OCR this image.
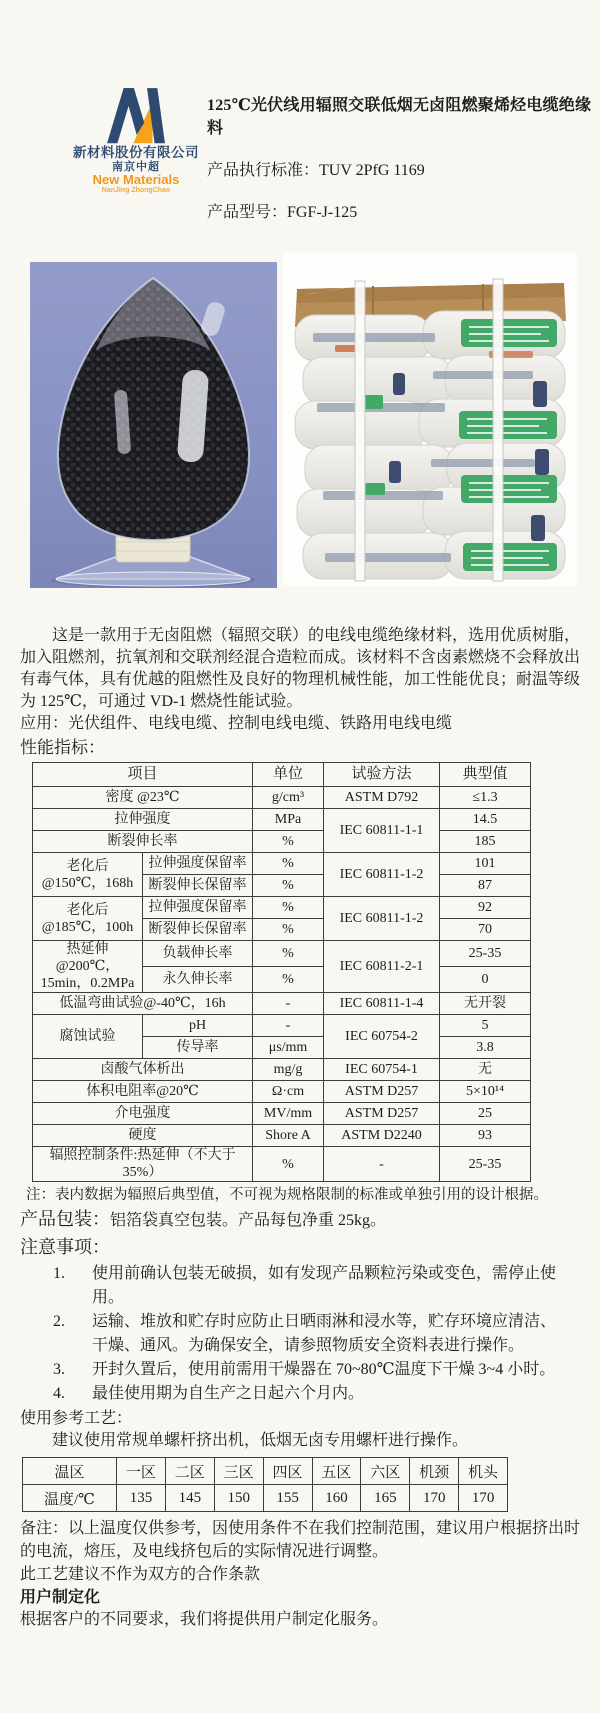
新材料股份有限公司
南京中超
New Materials
NanJing ZhongChao
125℃光伏线用辐照交联低烟无卤阻燃聚烯烃电缆绝缘料
产品执行标准：TUV 2PfG 1169
产品型号：FGF-J-125

这是一款用于无卤阻燃（辐照交联）的电线电缆绝缘材料，选用优质树脂，加入阻燃剂，抗氧剂和交联剂经混合造粒而成。该材料不含卤素燃烧不会释放出有毒气体，具有优越的阻燃性及良好的物理机械性能，加工性能优良；耐温等级为 125℃，可通过 VD-1 燃烧性能试验。

应用：光伏组件、电线电缆、控制电线电缆、铁路用电线电缆

性能指标：

项目		单位	试验方法	典型值
密度 @23℃		g/cm³	ASTM D792	≤1.3
拉伸强度		MPa	IEC 60811-1-1	14.5
断裂伸长率		%		185
老化后@150℃，168h	拉伸强度保留率	%	IEC 60811-1-2	101
	断裂伸长保留率	%		87
老化后@185℃，100h	拉伸强度保留率	%	IEC 60811-1-2	92
	断裂伸长保留率	%		70
热延伸@200℃，15min，0.2MPa	负载伸长率	%	IEC 60811-2-1	25-35
	永久伸长率	%		0
低温弯曲试验@-40℃，16h		-	IEC 60811-1-4	无开裂
腐蚀试验	pH	-	IEC 60754-2	5
	传导率	μs/mm		3.8
卤酸气体析出		mg/g	IEC 60754-1	无
体积电阻率@20℃		Ω·cm	ASTM D257	5×10¹⁴
介电强度		MV/mm	ASTM D257	25
硬度		Shore A	ASTM D2240	93
辐照控制条件:热延伸（不大于 35%）		%	-	25-35

注：表内数据为辐照后典型值，不可视为规格限制的标准或单独引用的设计根据。

产品包装：铝箔袋真空包装。产品每包净重 25kg。

注意事项：

1.	使用前确认包装无破损，如有发现产品颗粒污染或变色，需停止使用。
2.	运输、堆放和贮存时应防止日晒雨淋和浸水等，贮存环境应清洁、干燥、通风。为确保安全，请参照物质安全资料表进行操作。
3.	开封久置后，使用前需用干燥器在 70~80℃温度下干燥 3~4 小时。
4.	最佳使用期为自生产之日起六个月内。

使用参考工艺：

建议使用常规单螺杆挤出机，低烟无卤专用螺杆进行操作。

温区	一区	二区	三区	四区	五区	六区	机颈	机头
温度/℃	135	145	150	155	160	165	170	170

备注：以上温度仅供参考，因使用条件不在我们控制范围，建议用户根据挤出时的电流，熔压，及电线挤包后的实际情况进行调整。

此工艺建议不作为双方的合作条款

用户制定化

根据客户的不同要求，我们将提供用户制定化服务。
